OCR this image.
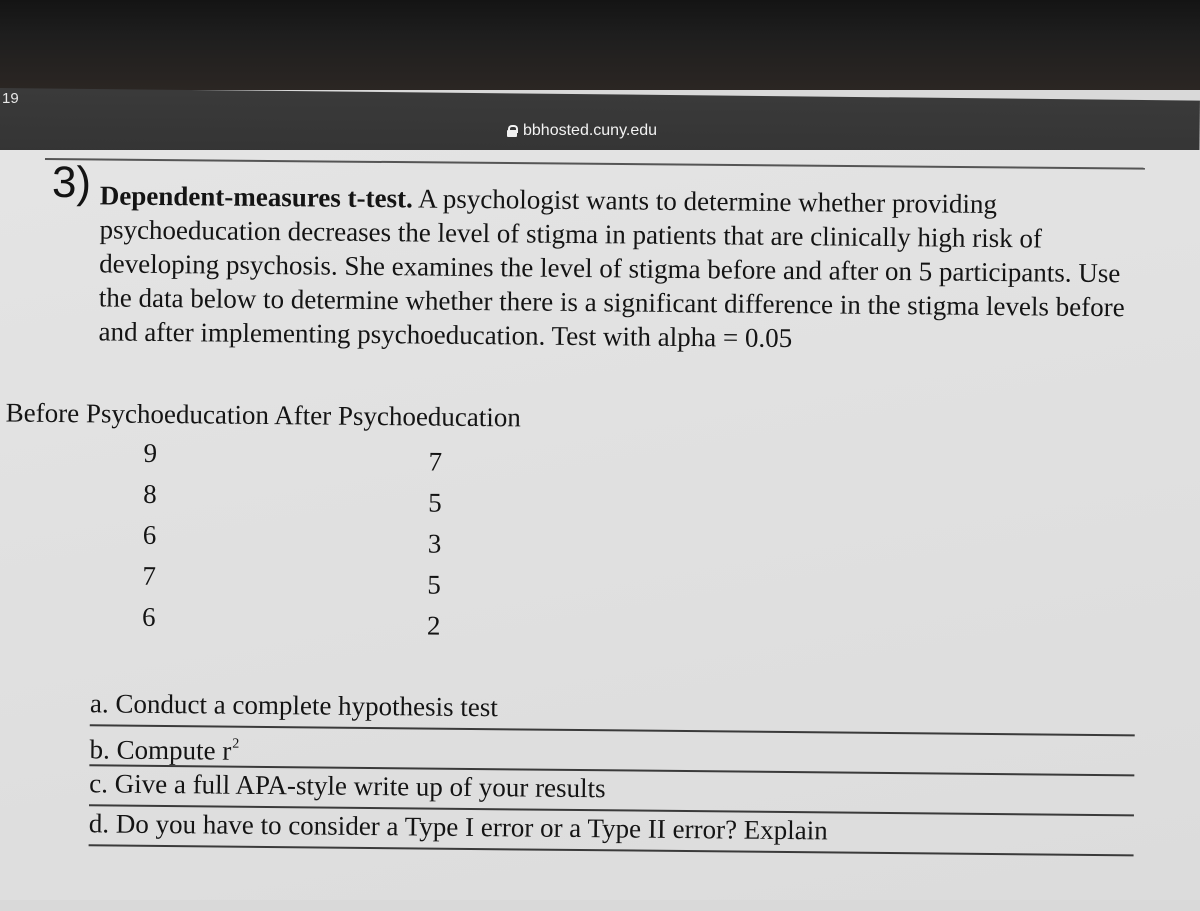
19
bbhosted.cuny.edu
3) Dependent-measures t-test. A psychologist wants to determine whether providing psychoeducation decreases the level of stigma in patients that are clinically high risk of developing psychosis. She examines the level of stigma before and after on 5 participants. Use the data below to determine whether there is a significant difference in the stigma levels before and after implementing psychoeducation. Test with alpha = 0.05
Before Psychoeducation After Psychoeducation
9
8
6
7
6
7
5
3
5
2
a. Conduct a complete hypothesis test
b. Compute $r^2$
c. Give a full APA-style write up of your results
d. Do you have to consider a Type I error or a Type II error? Explain
